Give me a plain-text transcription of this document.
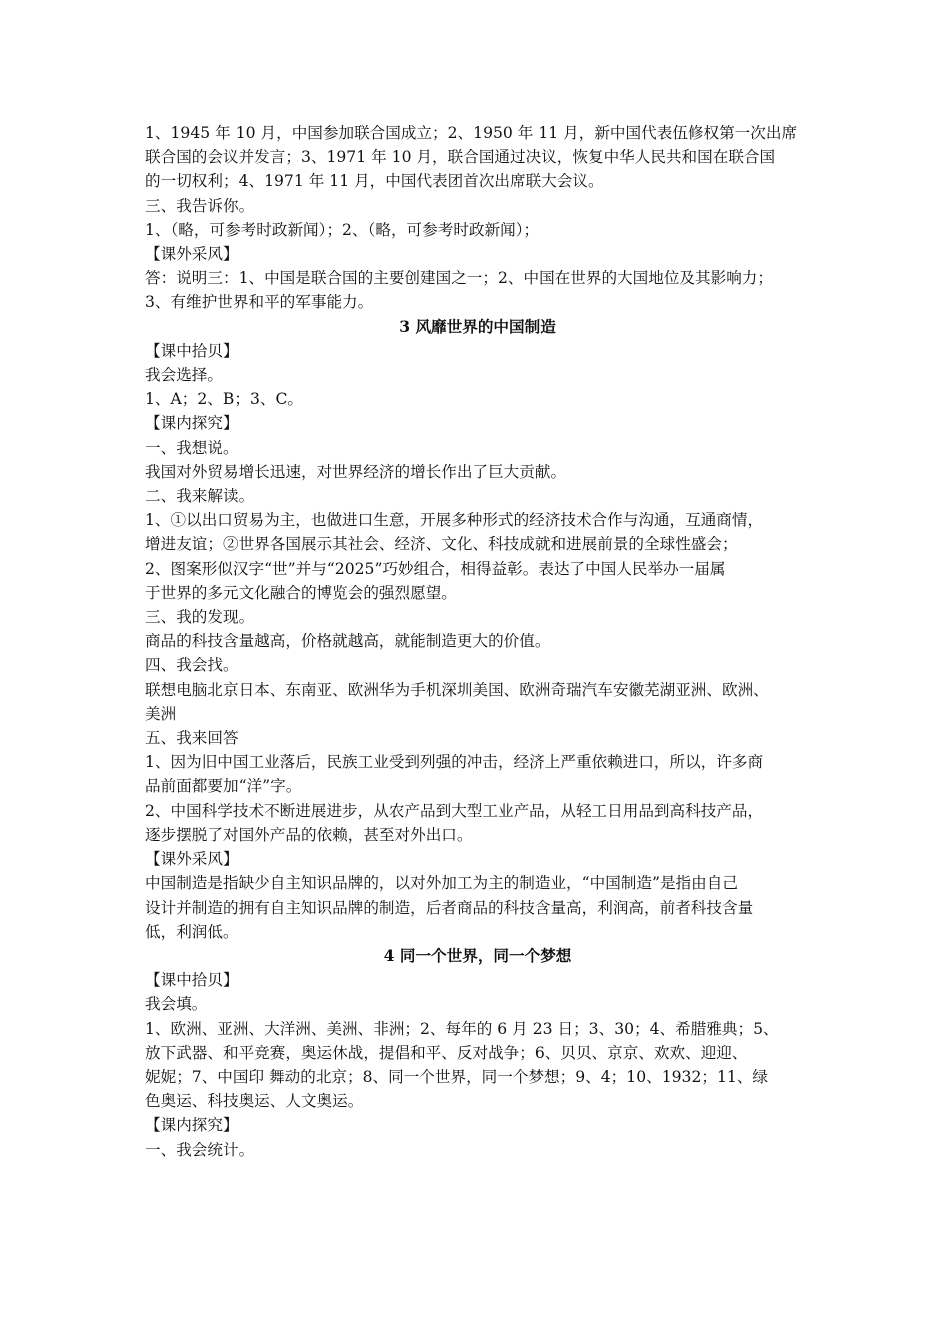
1、1945 年 10 月，中国参加联合国成立；2、1950 年 11 月，新中国代表伍修权第一次出席
联合国的会议并发言；3、1971 年 10 月，联合国通过决议，恢复中华人民共和国在联合国
的一切权利；4、1971 年 11 月，中国代表团首次出席联大会议。
三、我告诉你。
1、（略，可参考时政新闻）；2、（略，可参考时政新闻）；
【课外采风】
答：说明三：1、中国是联合国的主要创建国之一；2、中国在世界的大国地位及其影响力；
3、有维护世界和平的军事能力。
3 风靡世界的中国制造
【课中拾贝】
我会选择。
1、A；2、B；3、C。
【课内探究】
一、我想说。
我国对外贸易增长迅速，对世界经济的增长作出了巨大贡献。
二、我来解读。
1、①以出口贸易为主，也做进口生意，开展多种形式的经济技术合作与沟通，互通商情，
增进友谊；②世界各国展示其社会、经济、文化、科技成就和进展前景的全球性盛会；
2、图案形似汉字“世”并与“2025”巧妙组合，相得益彰。表达了中国人民举办一届属
于世界的多元文化融合的博览会的强烈愿望。
三、我的发现。
商品的科技含量越高，价格就越高，就能制造更大的价值。
四、我会找。
联想电脑北京日本、东南亚、欧洲华为手机深圳美国、欧洲奇瑞汽车安徽芜湖亚洲、欧洲、
美洲
五、我来回答
1、因为旧中国工业落后，民族工业受到列强的冲击，经济上严重依赖进口，所以，许多商
品前面都要加“洋”字。
2、中国科学技术不断进展进步，从农产品到大型工业产品，从轻工日用品到高科技产品，
逐步摆脱了对国外产品的依赖，甚至对外出口。
【课外采风】
中国制造是指缺少自主知识品牌的，以对外加工为主的制造业，“中国制造”是指由自己
设计并制造的拥有自主知识品牌的制造，后者商品的科技含量高，利润高，前者科技含量
低，利润低。
4 同一个世界，同一个梦想
【课中拾贝】
我会填。
1、欧洲、亚洲、大洋洲、美洲、非洲；2、每年的 6 月 23 日；3、30；4、希腊雅典；5、
放下武器、和平竞赛，奥运休战，提倡和平、反对战争；6、贝贝、京京、欢欢、迎迎、
妮妮；7、中国印 舞动的北京；8、同一个世界，同一个梦想；9、4；10、1932；11、绿
色奥运、科技奥运、人文奥运。
【课内探究】
一、我会统计。
